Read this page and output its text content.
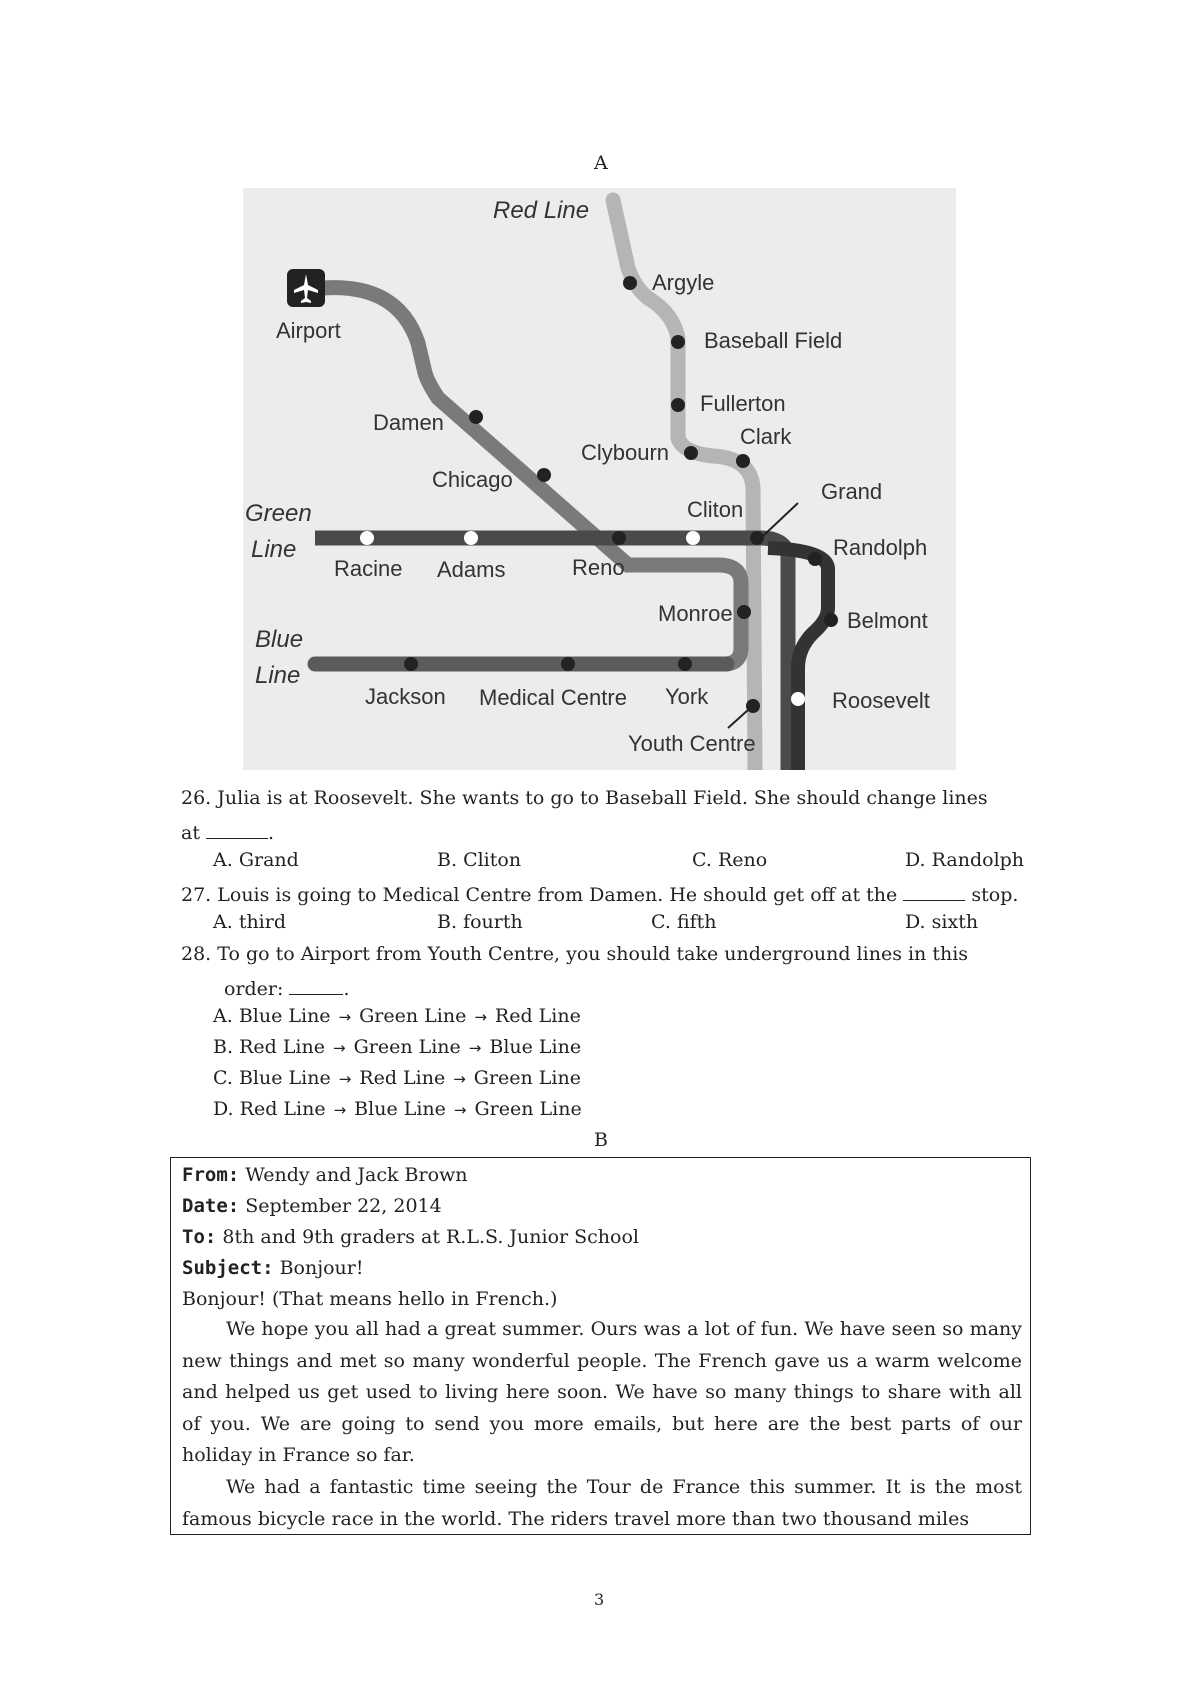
A
Red Line
Green
Line
Blue
Line
Airport
Argyle
Baseball Field
Fullerton
Clybourn
Clark
Grand
Randolph
Belmont
Roosevelt
Youth Centre
Damen
Chicago
Racine Adams	Reno
Cliton
Monroe
Jackson Medical Centre York
26. Julia is at Roosevelt. She wants to go to Baseball Field. She should change lines
at	.
A. Grand	B. Cliton	C. Reno	D. Randolph
27. Louis is going to Medical Centre from Damen. He should get off at the	stop.
A. third	B. fourth	C. fifth	D. sixth
28. To go to Airport from Youth Centre, you should take underground lines in this
order:	.
A. Blue Line → Green Line → Red Line
B. Red Line → Green Line → Blue Line
C. Blue Line → Red Line → Green Line
D. Red Line → Blue Line → Green Line
B
From: Wendy and Jack Brown
Date: September 22, 2014
To: 8th and 9th graders at R.L.S. Junior School
Subject: Bonjour!
Bonjour! (That means hello in French.)
We hope you all had a great summer. Ours was a lot of fun. We have seen so many new things and met so many wonderful people. The French gave us a warm welcome and helped us get used to living here soon. We have so many things to share with all of you. We are going to send you more emails, but here are the best parts of our holiday in France so far.
We had a fantastic time seeing the Tour de France this summer. It is the most famous bicycle race in the world. The riders travel more than two thousand miles
3
